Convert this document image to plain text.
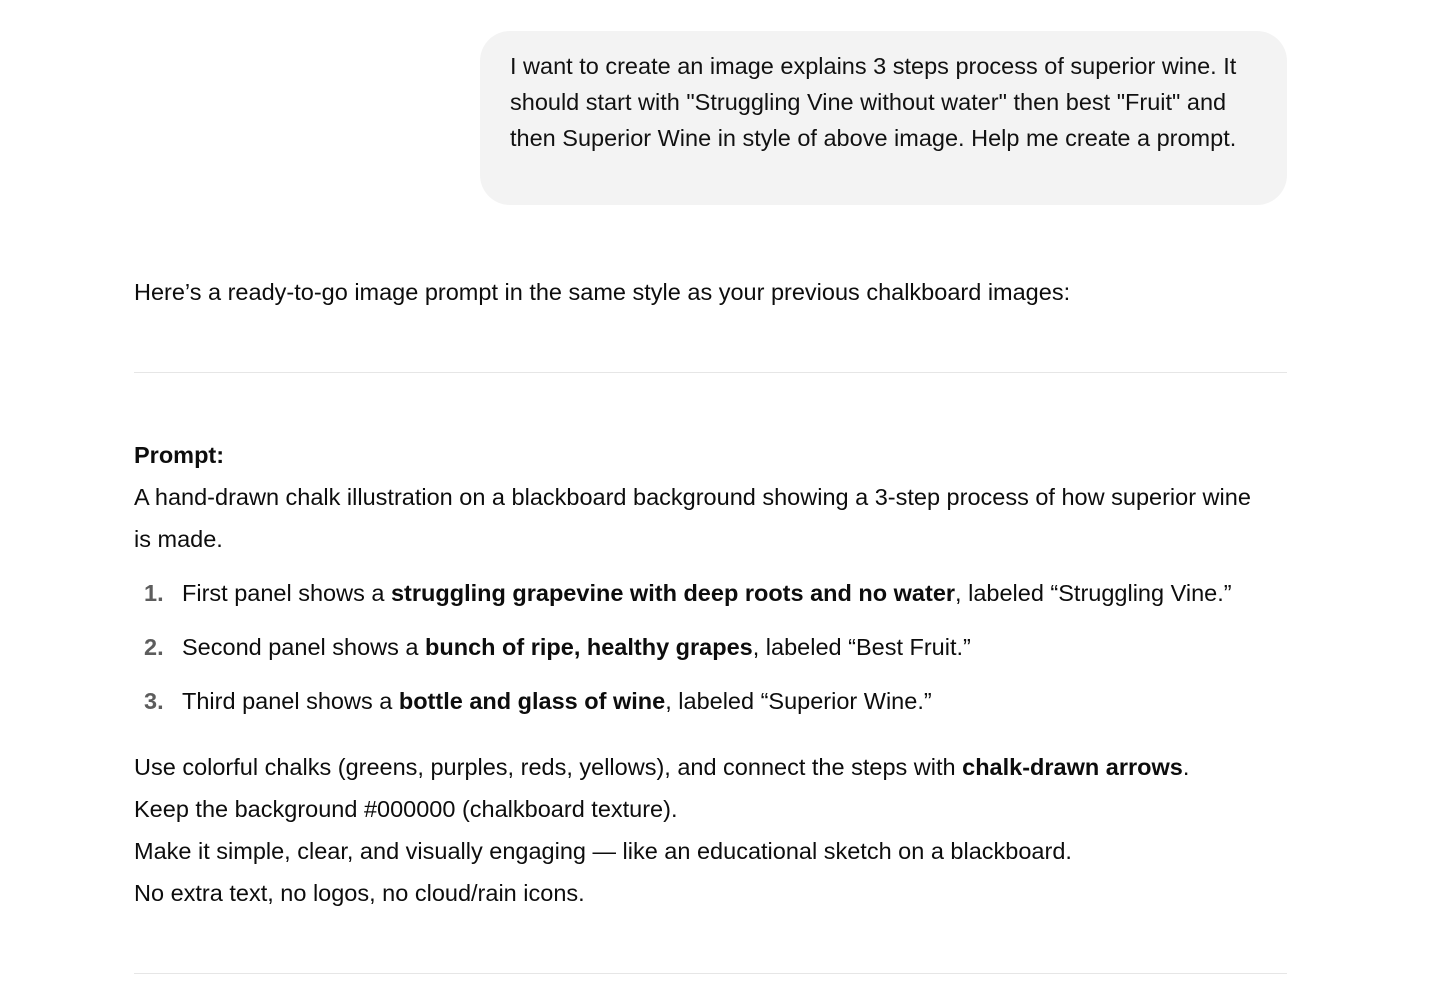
I want to create an image explains 3 steps process of superior wine. It should start with "Struggling Vine without water" then best "Fruit" and then Superior Wine in style of above image. Help me create a prompt.

Here’s a ready-to-go image prompt in the same style as your previous chalkboard images:

Prompt:

A hand-drawn chalk illustration on a blackboard background showing a 3-step process of how superior wine is made.

1. First panel shows a struggling grapevine with deep roots and no water, labeled “Struggling Vine.”
2. Second panel shows a bunch of ripe, healthy grapes, labeled “Best Fruit.”
3. Third panel shows a bottle and glass of wine, labeled “Superior Wine.”
Use colorful chalks (greens, purples, reds, yellows), and connect the steps with chalk-drawn arrows.
Keep the background #000000 (chalkboard texture).
Make it simple, clear, and visually engaging — like an educational sketch on a blackboard.
No extra text, no logos, no cloud/rain icons.
